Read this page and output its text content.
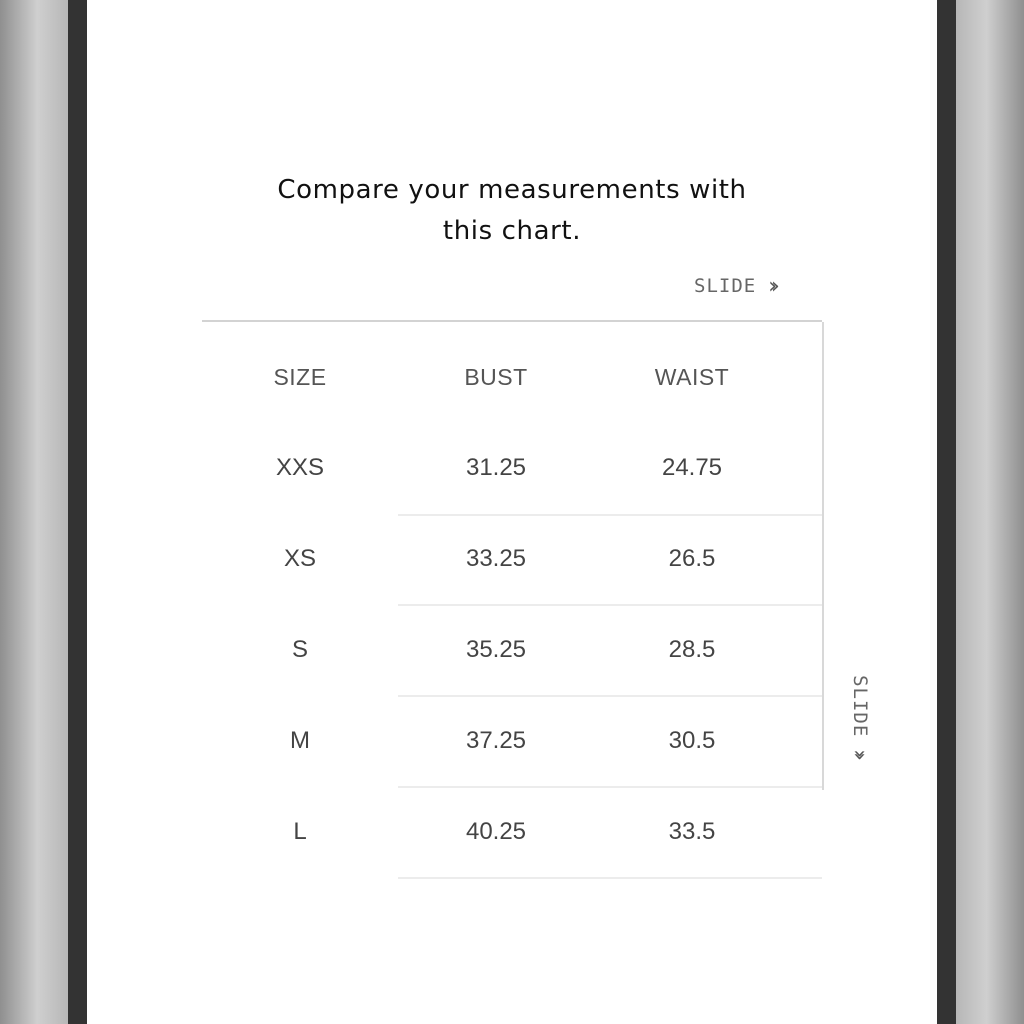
Compare your measurements with
this chart.
SLIDE ››
SIZE	BUST	WAIST
XXS	31.25	24.75
XS	33.25	26.5
S	35.25	28.5
M	37.25	30.5
L	40.25	33.5
SLIDE
››
